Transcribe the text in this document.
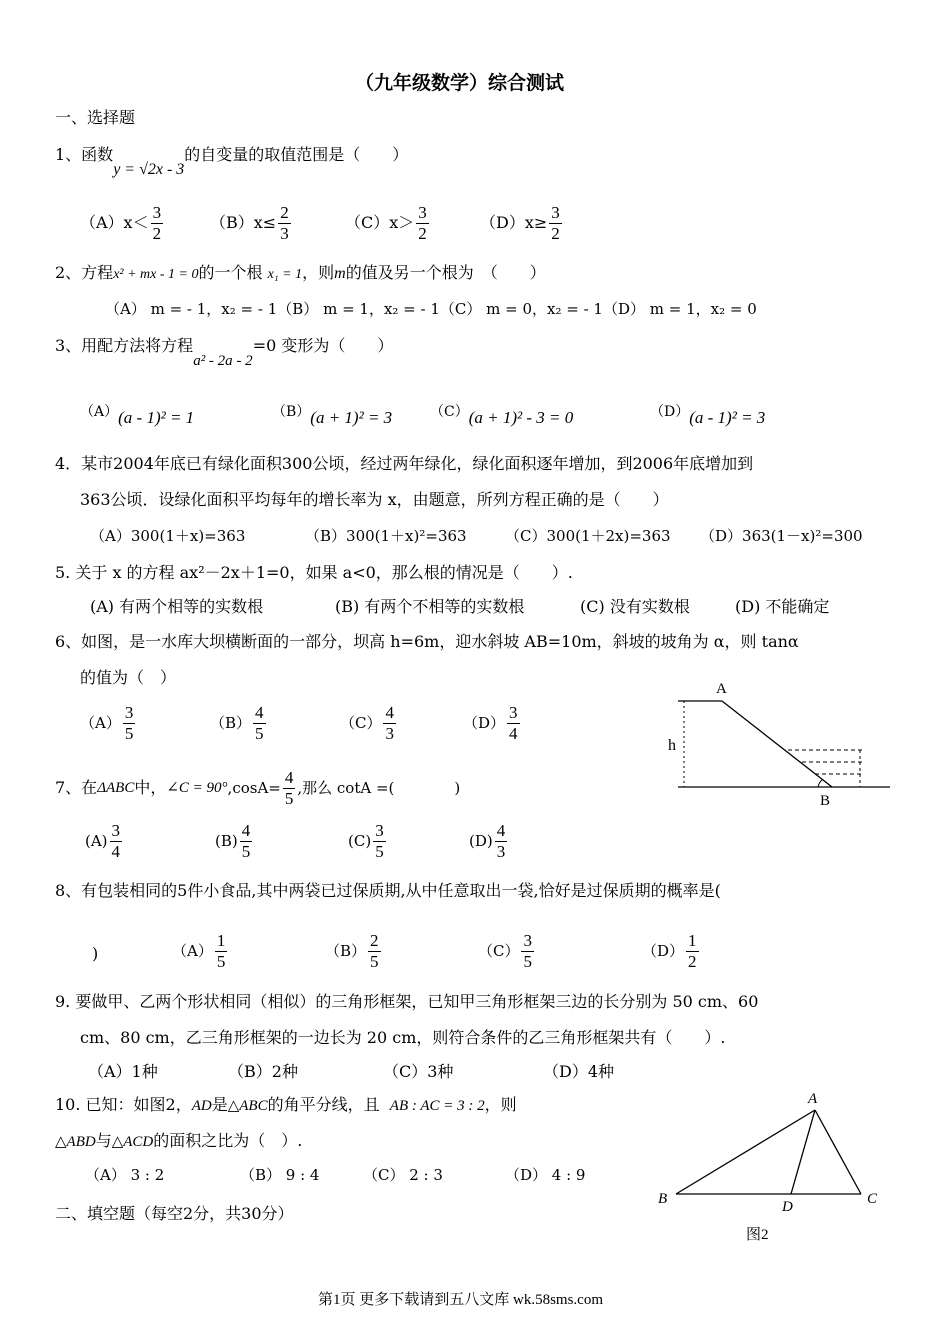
（九年级数学）综合测试
一、选择题
1、函数y = √2x - 3的自变量的取值范围是（　　）
$(A)x< \frac{3}{2}$	$(B)x\le \frac{2}{3}$	$(C)x> \frac{3}{2}$	$(D)x\ge \frac{3}{2}$
2、方程x² + mx - 1 = 0的一个根 x₁ = 1，则m的值及另一个根为　（　　）
（A） m = - 1，x₂ = - 1（B） m = 1，x₂ = - 1（C） m = 0，x₂ = - 1（D） m = 1，x₂ = 0
3、用配方法将方程a² - 2a - 2=0 变形为（　　）
（A）(a - 1)² = 1	（B）(a + 1)² = 3	（C）(a + 1)² - 3 = 0	（D）(a - 1)² = 3
4．某市2004年底已有绿化面积300公顷，经过两年绿化，绿化面积逐年增加，到2006年底增加到
363公顷．设绿化面积平均每年的增长率为 x，由题意，所列方程正确的是（　　）
（A）300(1＋x)=363	（B）300(1＋x)²=363	（C）300(1＋2x)=363 （D）363(1－x)²=300
5. 关于 x 的方程 ax²－2x＋1=0，如果 a<0，那么根的情况是（　　）.
(A) 有两个相等的实数根	(B) 有两个不相等的实数根	(C) 没有实数根	(D) 不能确定
6、如图，是一水库大坝横断面的一部分，坝高 h=6m，迎水斜坡 AB=10m，斜坡的坡角为 α，则 tanα
的值为（　）
$(A) \frac{3}{5}$	$(B) \frac{4}{5}$	$(C) \frac{4}{3}$	$(D) \frac{3}{4}$
A
B
h
7、在 ΔABC 中， ∠C = 90° $,\cos A= \frac{4}{5}$ ,那么 cotA =(　　　　)
$(A) \frac{3}{4}$	$(B) \frac{4}{5}$	$(C) \frac{3}{5}$	$(D) \frac{4}{3}$
8、有包装相同的5件小食品,其中两袋已过保质期,从中任意取出一袋,恰好是过保质期的概率是(
)	$(A) \frac{1}{5}$	$(B) \frac{2}{5}$	$(C) \frac{3}{5}$	$(D) \frac{1}{2}$
9. 要做甲、乙两个形状相同（相似）的三角形框架，已知甲三角形框架三边的长分别为 50 cm、60
cm、80 cm，乙三角形框架的一边长为 20 cm，则符合条件的乙三角形框架共有（　　）.
（A）1种	（B）2种	（C）3种	（D）4种
10. 已知：如图2，AD是△ABC的角平分线，且 AB : AC = 3 : 2，则
△ABD与△ACD的面积之比为（　）.
（A） 3 : 2	（B） 9 : 4	（C） 2 : 3	（D） 4 : 9
A
B	C
D
图2
二、填空题（每空2分，共30分）
第1页 更多下载请到五八文库 wk.58sms.com
